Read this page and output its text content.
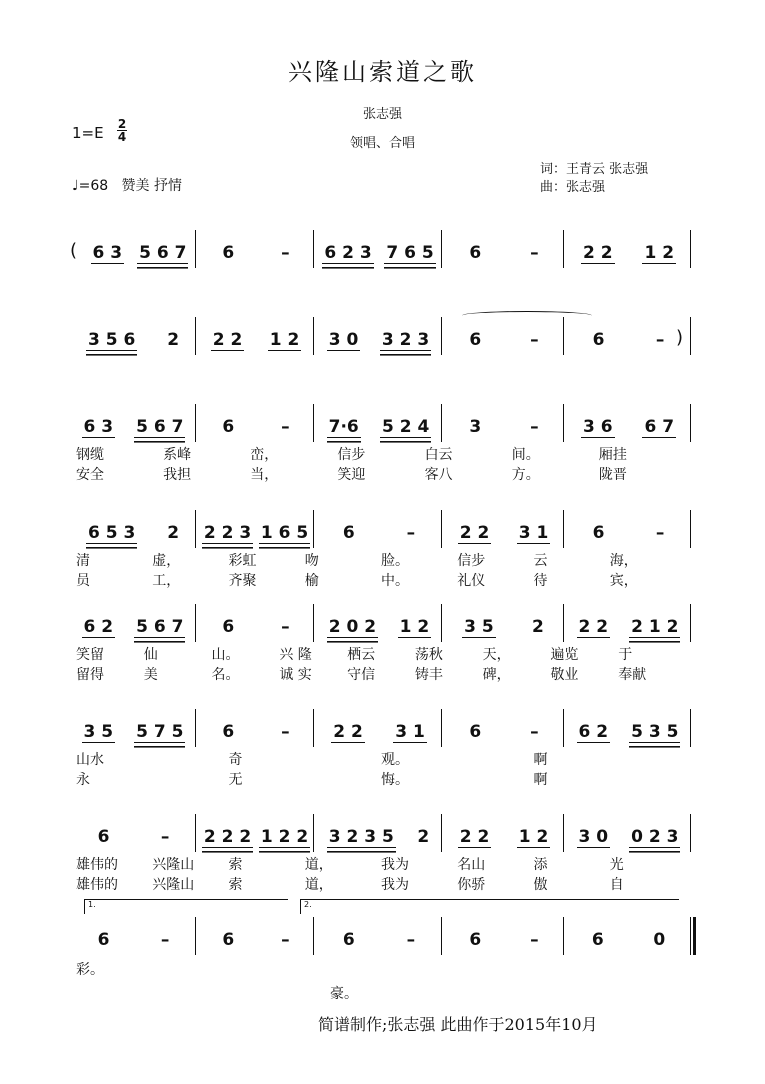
兴隆山索道之歌
张志强
领唱、合唱
1=E 2
4
♩=68 赞美 抒情
词：王青云 张志强
曲：张志强
6 3 5 6 7 6	– 6 2 3 7 6 5 6	–	2 2 1 2
(
3 5 6 2 2 2 1 2 3 0 3 2 3 6	–	6	– )
6 3 5 6 7 6	– 7·6 5 2 4 3	–	3 6 6 7
钢缆	系峰	峦，	信步	白云	间。	厢挂
安全	我担	当，	笑迎	客八	方。	陇晋
6 5 3 2 2 2 3 1 6 5 6	–	2 2 3 1	6	–
清	虚，	彩虹	吻	脸。	信步	云	海，
员	工，	齐聚	榆	中。	礼仪	待	宾，
6 2 5 6 7 6	– 2 0 2 1 2 3 5 2 2 2 2 1 2
笑留	仙	山。	兴 隆	栖云	荡秋	天，	遍览	于
留得	美	名。	诚 实	守信	铸丰	碑，	敬业	奉献
3 5 5 7 5 6	–	2 2 3 1	6	– 6 2 5 3 5
山水	奇	观。	啊
永	无	悔。	啊
6	– 2 2 2 1 2 2 3 2 3 5 2 2 2 1 2 3 0 0 2 3
雄伟的 兴隆山 索	道，	我为	名山	添	光
雄伟的 兴隆山 索	道，	我为	你骄	傲	自
6	–	6	–	6	–	6	–	6	0
1.	2.
彩。
豪。
简谱制作;张志强 此曲作于2015年10月
